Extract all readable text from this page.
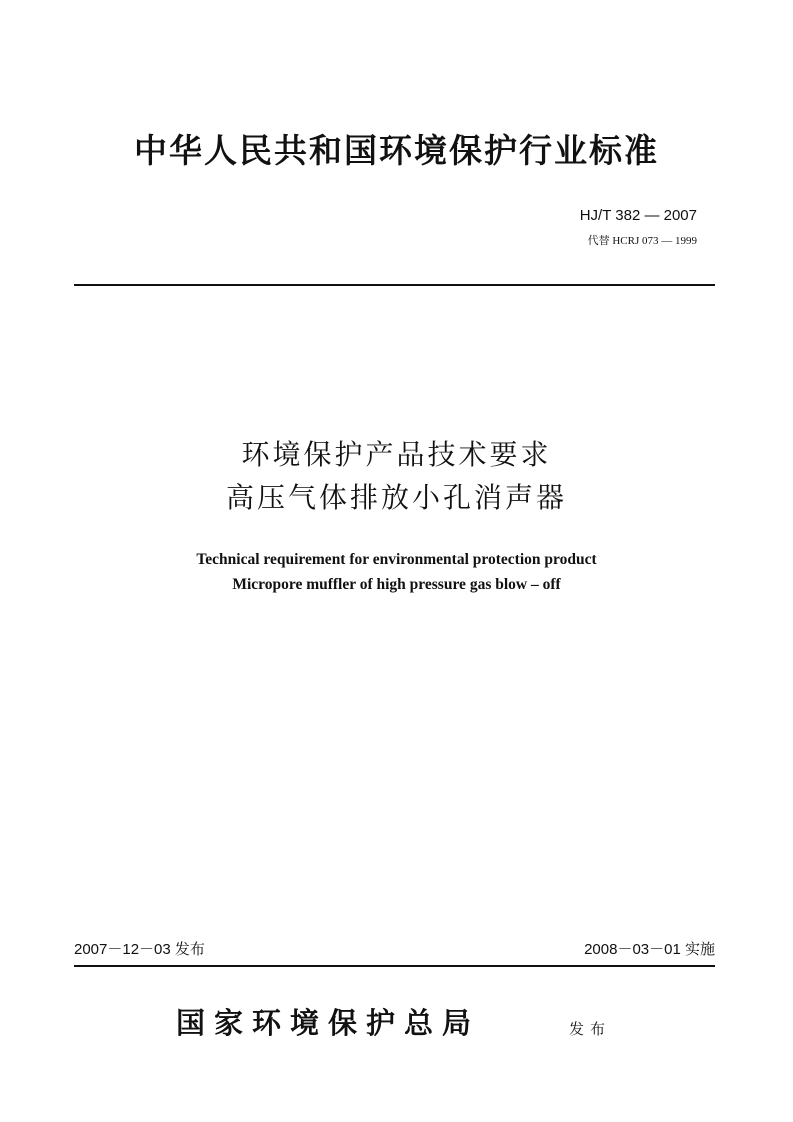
中华人民共和国环境保护行业标准
HJ/T 382 — 2007
代替 HCRJ 073 — 1999
环境保护产品技术要求
高压气体排放小孔消声器
Technical requirement for environmental protection product
Micropore muffler of high pressure gas blow – off
2007－12－03 发布	2008－03－01 实施
国家环境保护总局	发布
